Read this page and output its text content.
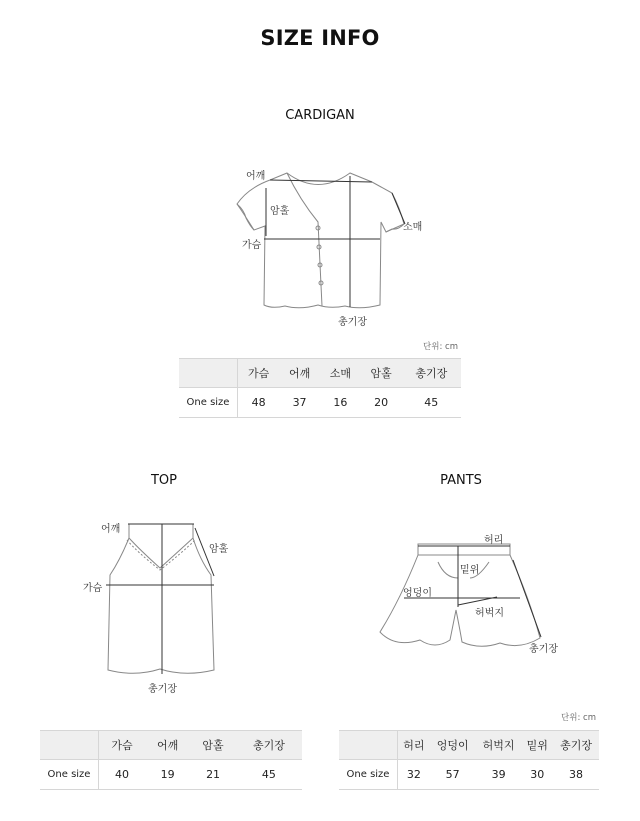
SIZE INFO
CARDIGAN
어깨
암홀
소매
가슴
총기장
단위: cm
	가슴	어깨	소매	암홀	총기장
One size	48	37	16	20	45
TOP
어깨
암홀
가슴
총기장
	가슴	어깨	암홀	총기장
One size	40	19	21	45
PANTS
허리
밑위
엉덩이
허벅지
총기장
단위: cm
	허리	엉덩이	허벅지	밑위	총기장
One size	32	57	39	30	38
